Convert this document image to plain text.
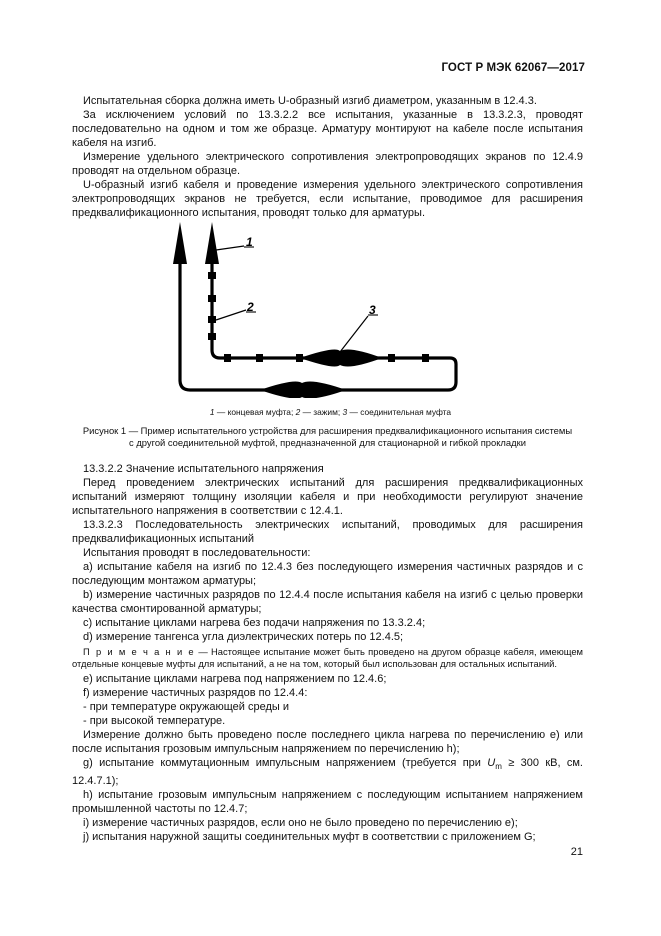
ГОСТ Р МЭК 62067—2017

Испытательная сборка должна иметь U-образный изгиб диаметром, указанным в 12.4.3.

За исключением условий по 13.3.2.2 все испытания, указанные в 13.3.2.3, проводят последовательно на одном и том же образце. Арматуру монтируют на кабеле после испытания кабеля на изгиб.

Измерение удельного электрического сопротивления электропроводящих экранов по 12.4.9 проводят на отдельном образце.

U-образный изгиб кабеля и проведение измерения удельного электрического сопротивления электропроводящих экранов не требуется, если испытание, проводимое для расширения предквалификационного испытания, проводят только для арматуры.

1
2	3
1 — концевая муфта; 2 — зажим; 3 — соединительная муфта
Рисунок 1 — Пример испытательного устройства для расширения предквалификационного испытания системы
с другой соединительной муфтой, предназначенной для стационарной и гибкой прокладки

13.3.2.2 Значение испытательного напряжения

Перед проведением электрических испытаний для расширения предквалификационных испытаний измеряют толщину изоляции кабеля и при необходимости регулируют значение испытательного напряжения в соответствии с 12.4.1.

13.3.2.3 Последовательность электрических испытаний, проводимых для расширения предквалификационных испытаний

Испытания проводят в последовательности:

a) испытание кабеля на изгиб по 12.4.3 без последующего измерения частичных разрядов и с последующим монтажом арматуры;

b) измерение частичных разрядов по 12.4.4 после испытания кабеля на изгиб с целью проверки качества смонтированной арматуры;

c) испытание циклами нагрева без подачи напряжения по 13.3.2.4;

d) измерение тангенса угла диэлектрических потерь по 12.4.5;

П р и м е ч а н и е — Настоящее испытание может быть проведено на другом образце кабеля, имеющем отдельные концевые муфты для испытаний, а не на том, который был использован для остальных испытаний.

e) испытание циклами нагрева под напряжением по 12.4.6;

f) измерение частичных разрядов по 12.4.4:

- при температуре окружающей среды и

- при высокой температуре.

Измерение должно быть проведено после последнего цикла нагрева по перечислению e) или после испытания грозовым импульсным напряжением по перечислению h);

g) испытание коммутационным импульсным напряжением (требуется при $U_m \ge 300$ кВ, см. 12.4.7.1);

h) испытание грозовым импульсным напряжением с последующим испытанием напряжением промышленной частоты по 12.4.7;

i) измерение частичных разрядов, если оно не было проведено по перечислению e);

j) испытания наружной защиты соединительных муфт в соответствии с приложением G;

21
